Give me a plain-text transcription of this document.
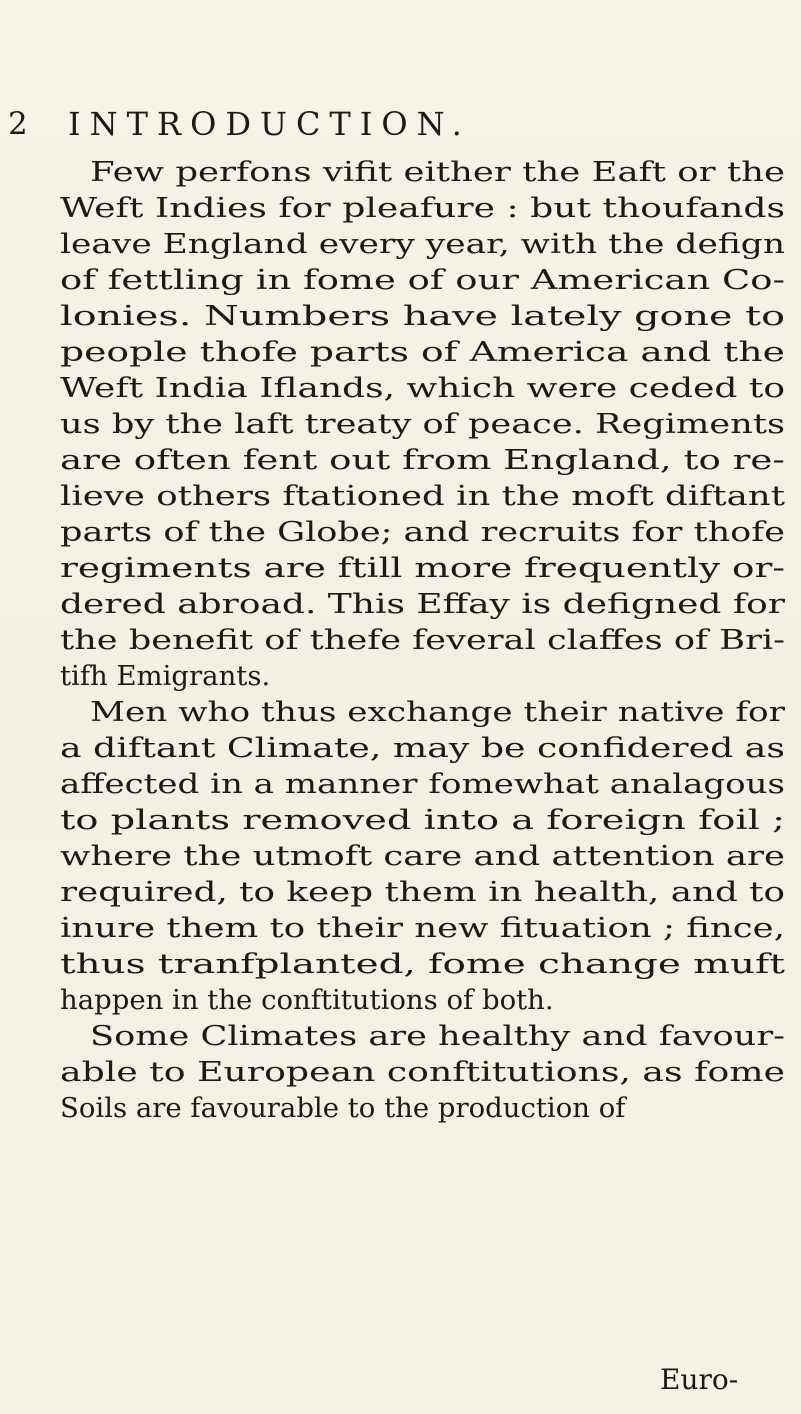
2 INTRODUCTION.
Few perfons vifit either the Eaft or the
Weft Indies for pleafure : but thoufands
leave England every year, with the defign
of fettling in fome of our American Co-
lonies. Numbers have lately gone to
people thofe parts of America and the
Weft India Iflands, which were ceded to
us by the laft treaty of peace. Regiments
are often fent out from England, to re-
lieve others ftationed in the moft diftant
parts of the Globe; and recruits for thofe
regiments are ftill more frequently or-
dered abroad. This Effay is defigned for
the benefit of thefe feveral claffes of Bri-
tifh Emigrants.
Men who thus exchange their native for
a diftant Climate, may be confidered as
affected in a manner fomewhat analagous
to plants removed into a foreign foil ;
where the utmoft care and attention are
required, to keep them in health, and to
inure them to their new fituation ; fince,
thus tranfplanted, fome change muft
happen in the conftitutions of both.
Some Climates are healthy and favour-
able to European conftitutions, as fome
Soils are favourable to the production of
Euro-
